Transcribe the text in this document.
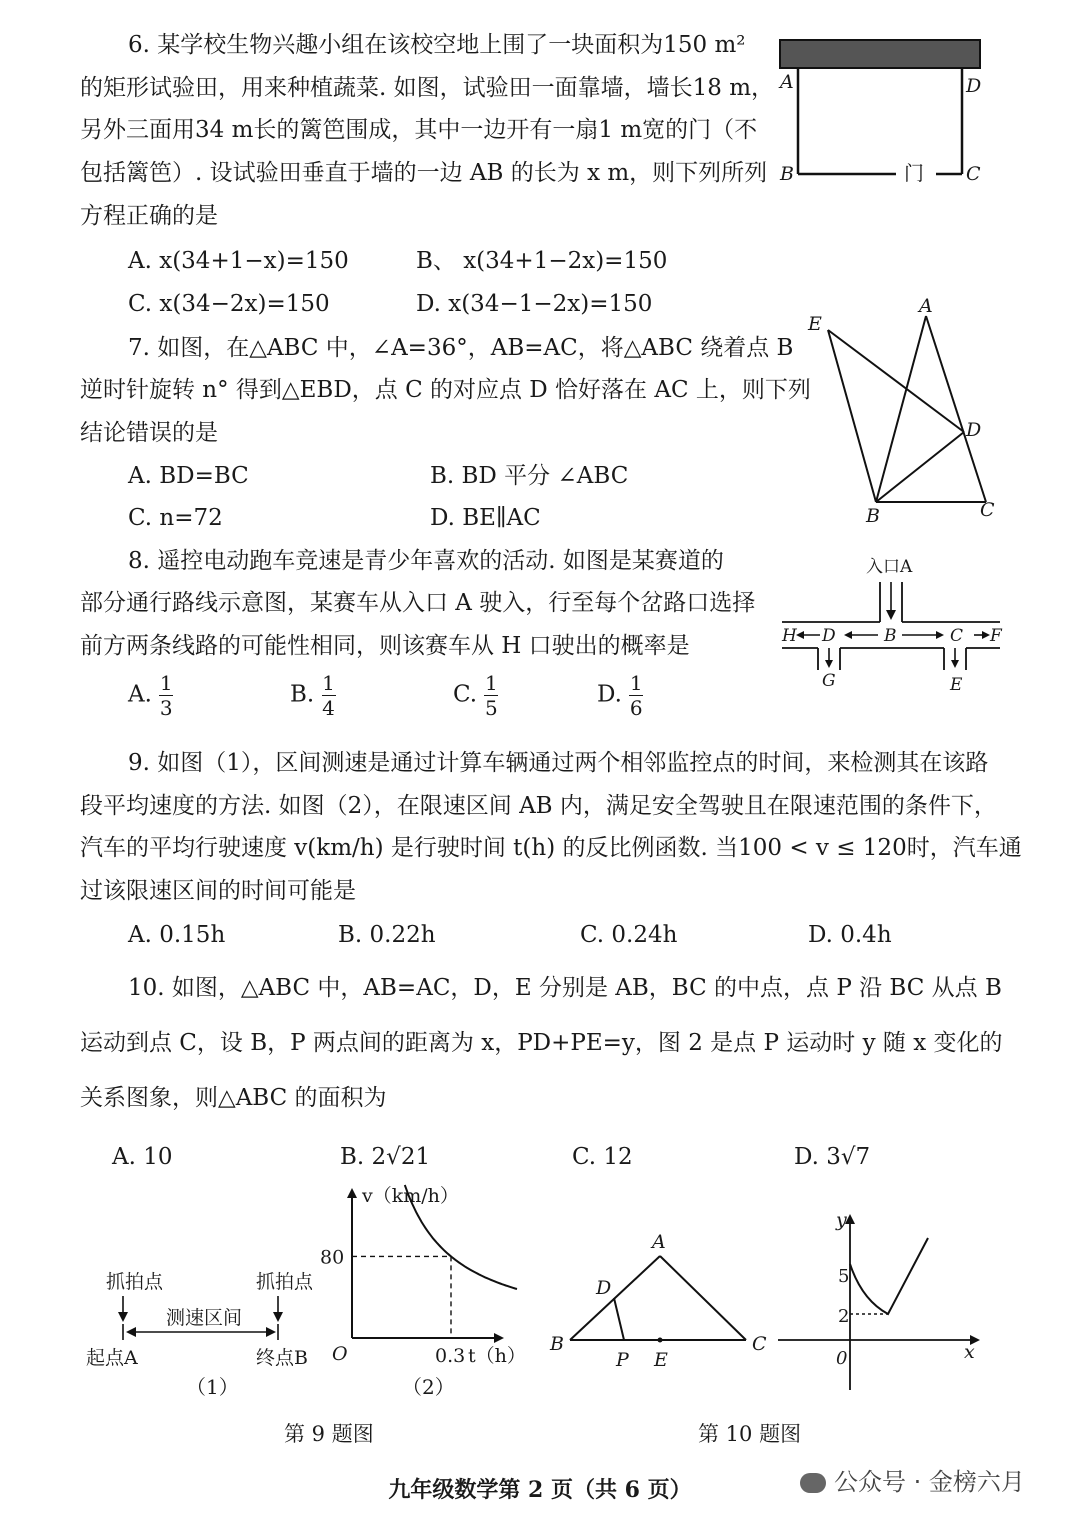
6. 某学校生物兴趣小组在该校空地上围了一块面积为150 m²
的矩形试验田，用来种植蔬菜. 如图，试验田一面靠墙，墙长18 m，
另外三面用34 m长的篱笆围成，其中一边开有一扇1 m宽的门（不
包括篱笆）. 设试验田垂直于墙的一边 AB 的长为 x m，则下列所列
方程正确的是
A. x(34+1−x)=150	B、 x(34+1−2x)=150
C. x(34−2x)=150	D. x(34−1−2x)=150
A	D
B	C
门
7. 如图，在△ABC 中，∠A=36°，AB=AC，将△ABC 绕着点 B
逆时针旋转 n° 得到△EBD，点 C 的对应点 D 恰好落在 AC 上，则下列
结论错误的是
A. BD=BC	B. BD 平分 ∠ABC
C. n=72	D. BE∥AC
A
E
D
B	C
8. 遥控电动跑车竞速是青少年喜欢的活动. 如图是某赛道的
部分通行路线示意图，某赛车从入口 A 驶入，行至每个岔路口选择
前方两条线路的可能性相同，则该赛车从 H 口驶出的概率是
A. $\frac{1}{3}$	B. $\frac{1}{4}$	C. $\frac{1}{5}$	D. $\frac{1}{6}$
入口A
H D	B	C F
G	E
9. 如图（1），区间测速是通过计算车辆通过两个相邻监控点的时间，来检测其在该路
段平均速度的方法. 如图（2），在限速区间 AB 内，满足安全驾驶且在限速范围的条件下，
汽车的平均行驶速度 v(km/h) 是行驶时间 t(h) 的反比例函数. 当100 < v ≤ 120时，汽车通
过该限速区间的时间可能是
A. 0.15h	B. 0.22h	C. 0.24h	D. 0.4h
10. 如图，△ABC 中，AB=AC，D，E 分别是 AB，BC 的中点，点 P 沿 BC 从点 B
运动到点 C，设 B，P 两点间的距离为 x，PD+PE=y，图 2 是点 P 运动时 y 随 x 变化的
关系图象，则△ABC 的面积为
A. 10	B. 2√21	C. 12	D. 3√7
抓拍点	抓拍点
测速区间
起点A	终点B
（1）
v（km/h）
t（h）
O
80
0.3
（2）
第 9 题图
A
D
B	C
P E
y
x
0
5
2
第 10 题图
九年级数学第 2 页（共 6 页）	公众号 · 金榜六月
